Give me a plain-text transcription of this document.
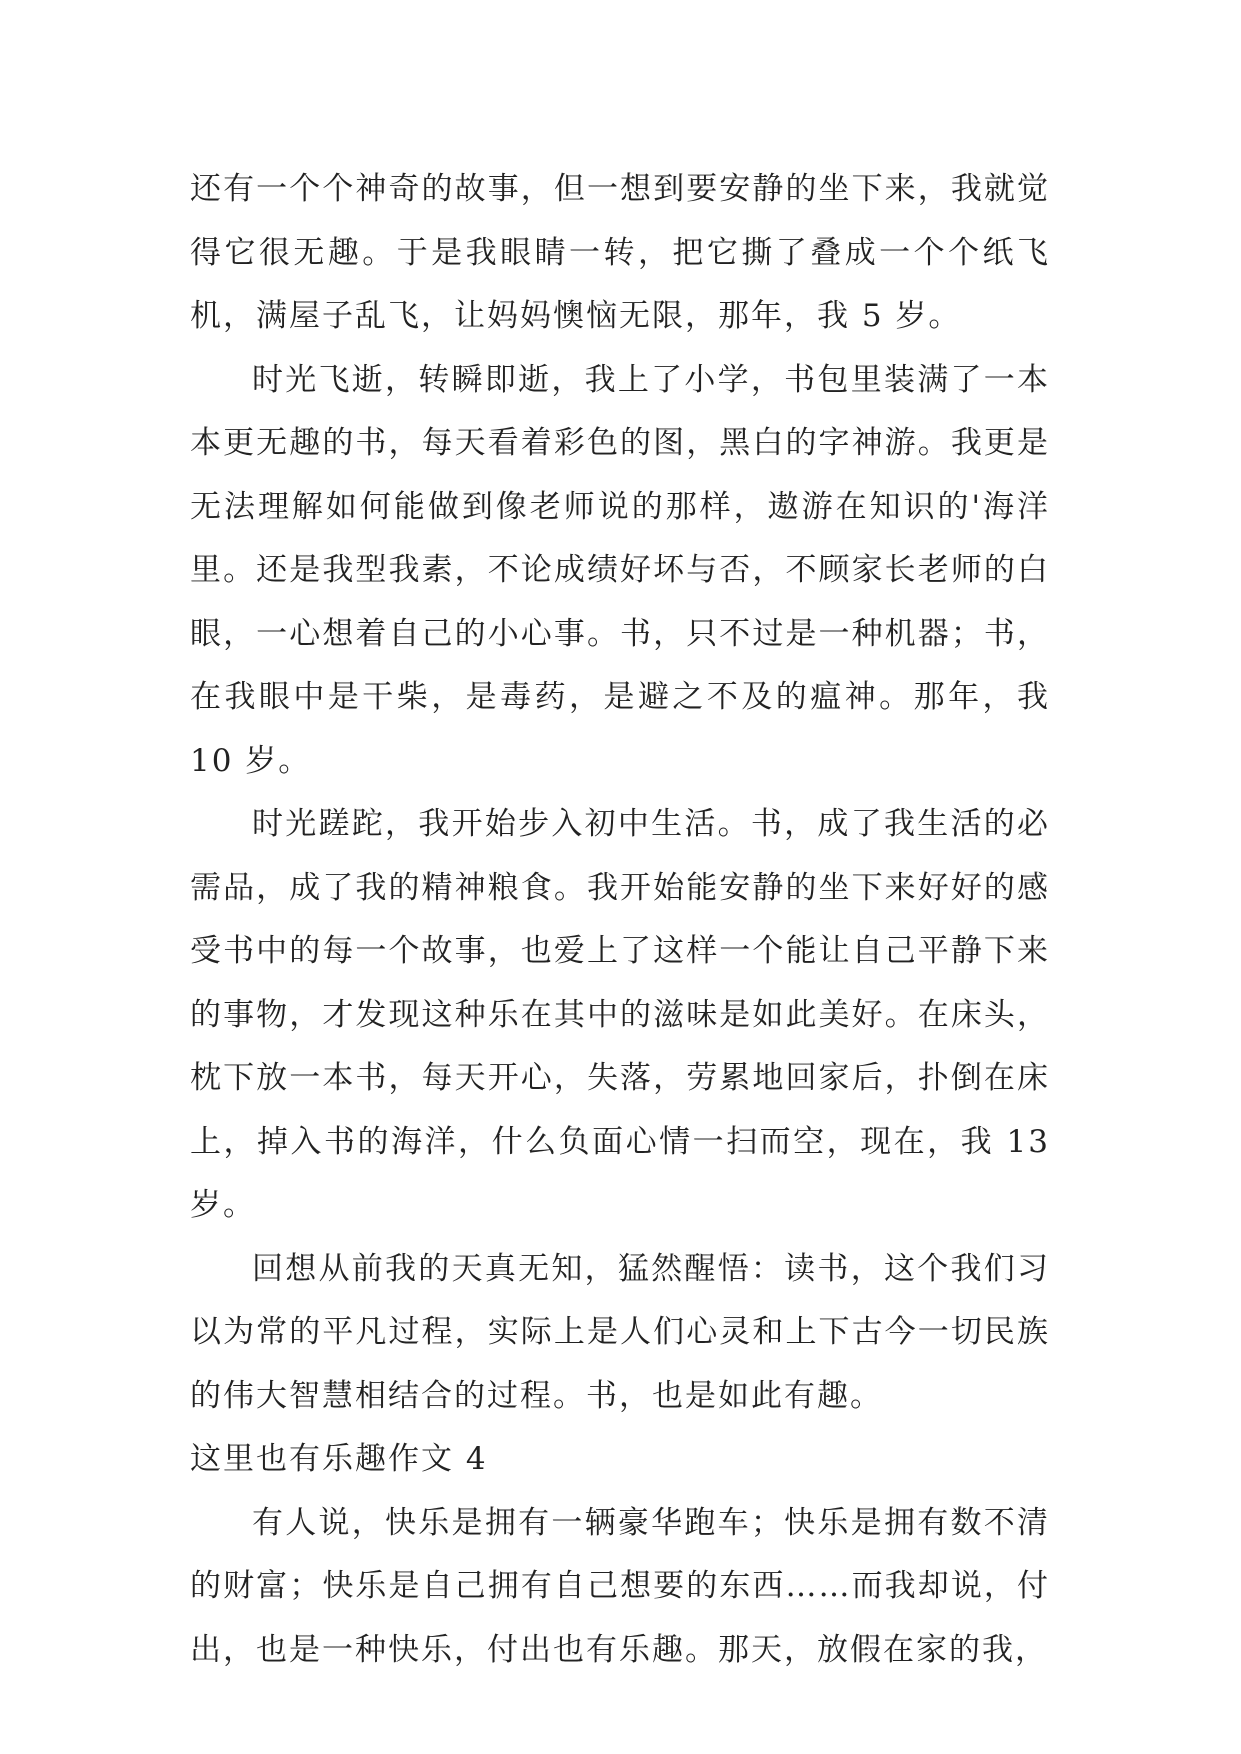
还有一个个神奇的故事，但一想到要安静的坐下来，我就觉得它很无趣。于是我眼睛一转，把它撕了叠成一个个纸飞机，满屋子乱飞，让妈妈懊恼无限，那年，我 5 岁。

时光飞逝，转瞬即逝，我上了小学，书包里装满了一本本更无趣的书，每天看着彩色的图，黑白的字神游。我更是无法理解如何能做到像老师说的那样，遨游在知识的'海洋里。还是我型我素，不论成绩好坏与否，不顾家长老师的白眼，一心想着自己的小心事。书，只不过是一种机器；书，在我眼中是干柴，是毒药，是避之不及的瘟神。那年，我 10 岁。

时光蹉跎，我开始步入初中生活。书，成了我生活的必需品，成了我的精神粮食。我开始能安静的坐下来好好的感受书中的每一个故事，也爱上了这样一个能让自己平静下来的事物，才发现这种乐在其中的滋味是如此美好。在床头，枕下放一本书，每天开心，失落，劳累地回家后，扑倒在床上，掉入书的海洋，什么负面心情一扫而空，现在，我 13 岁。

回想从前我的天真无知，猛然醒悟：读书，这个我们习以为常的平凡过程，实际上是人们心灵和上下古今一切民族的伟大智慧相结合的过程。书，也是如此有趣。

这里也有乐趣作文 4

有人说，快乐是拥有一辆豪华跑车；快乐是拥有数不清的财富；快乐是自己拥有自己想要的东西……而我却说，付出，也是一种快乐，付出也有乐趣。那天，放假在家的我，
